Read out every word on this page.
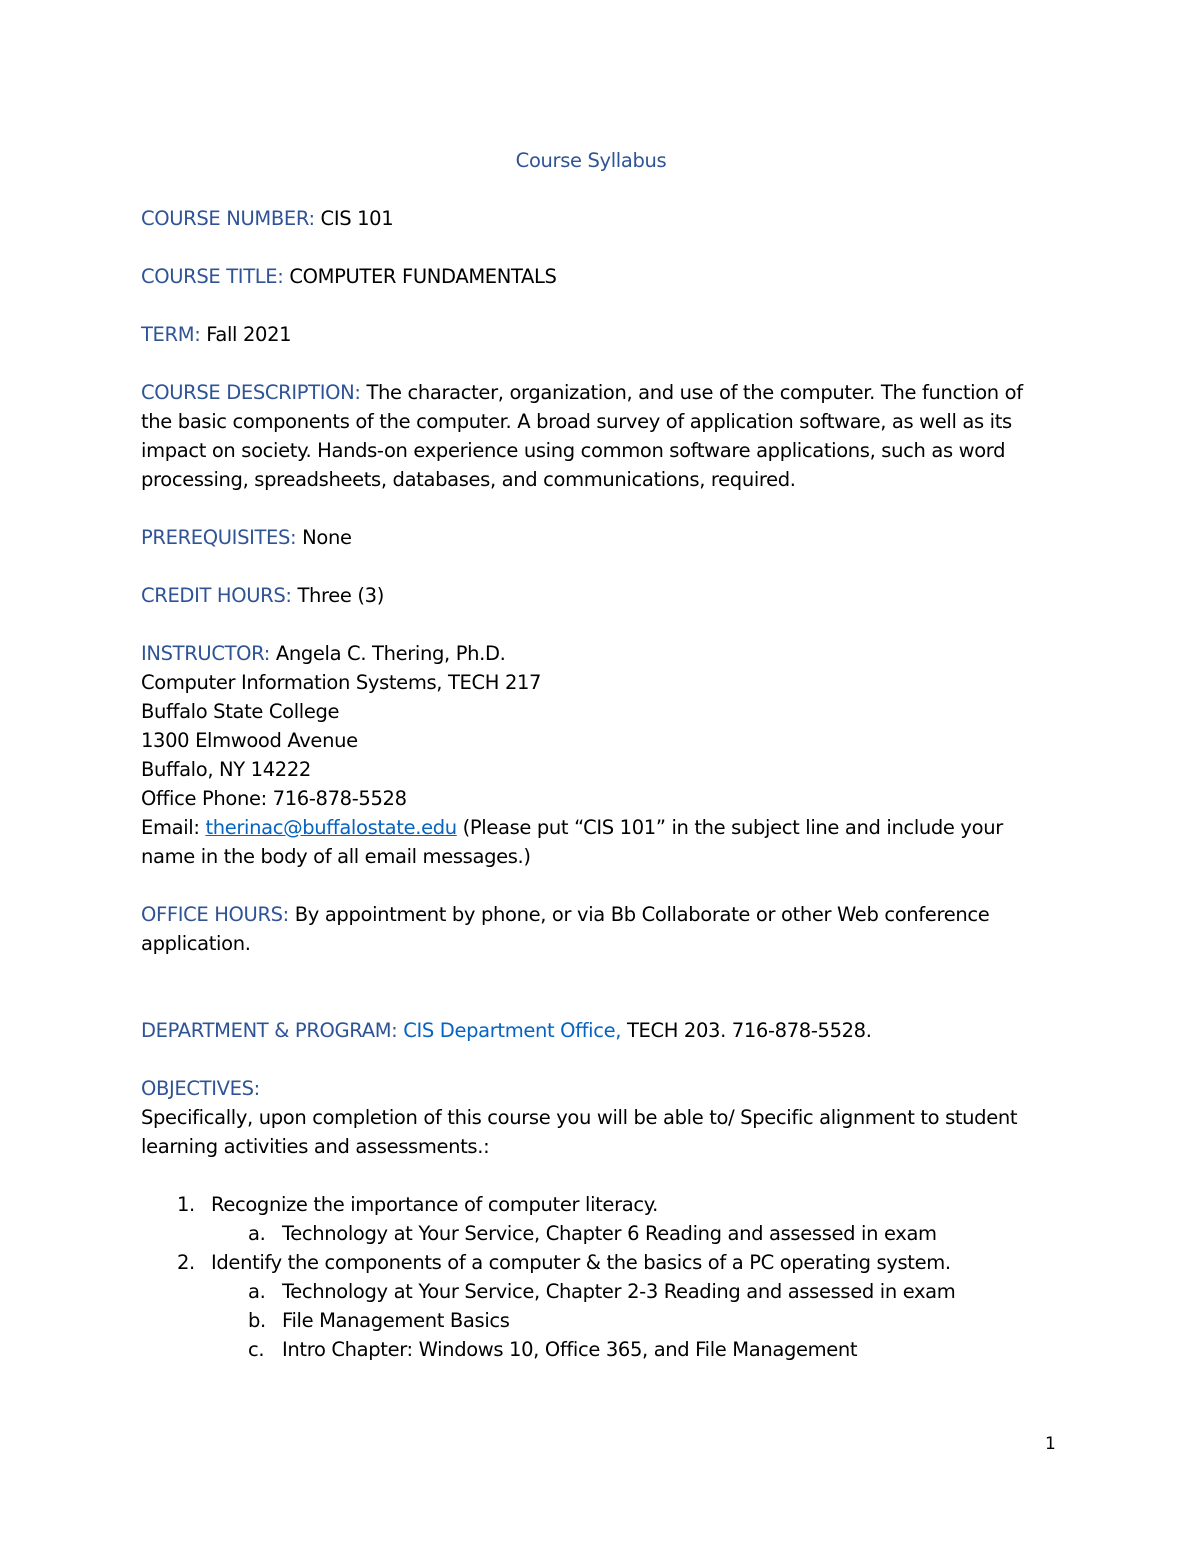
Course Syllabus
COURSE NUMBER: CIS 101
COURSE TITLE: COMPUTER FUNDAMENTALS
TERM: Fall 2021
COURSE DESCRIPTION: The character, organization, and use of the computer. The function of
the basic components of the computer. A broad survey of application software, as well as its
impact on society. Hands-on experience using common software applications, such as word
processing, spreadsheets, databases, and communications, required.
PREREQUISITES: None
CREDIT HOURS: Three (3)
INSTRUCTOR: Angela C. Thering, Ph.D.
Computer Information Systems, TECH 217
Buffalo State College
1300 Elmwood Avenue
Buffalo, NY 14222
Office Phone: 716-878-5528
Email: therinac@buffalostate.edu (Please put “CIS 101” in the subject line and include your
name in the body of all email messages.)
OFFICE HOURS: By appointment by phone, or via Bb Collaborate or other Web conference
application.
DEPARTMENT & PROGRAM: CIS Department Office, TECH 203. 716-878-5528.
OBJECTIVES:
Specifically, upon completion of this course you will be able to/ Specific alignment to student
learning activities and assessments.:
1. Recognize the importance of computer literacy.
a. Technology at Your Service, Chapter 6 Reading and assessed in exam
2. Identify the components of a computer & the basics of a PC operating system.
a. Technology at Your Service, Chapter 2-3 Reading and assessed in exam
b. File Management Basics
c. Intro Chapter: Windows 10, Office 365, and File Management
1
